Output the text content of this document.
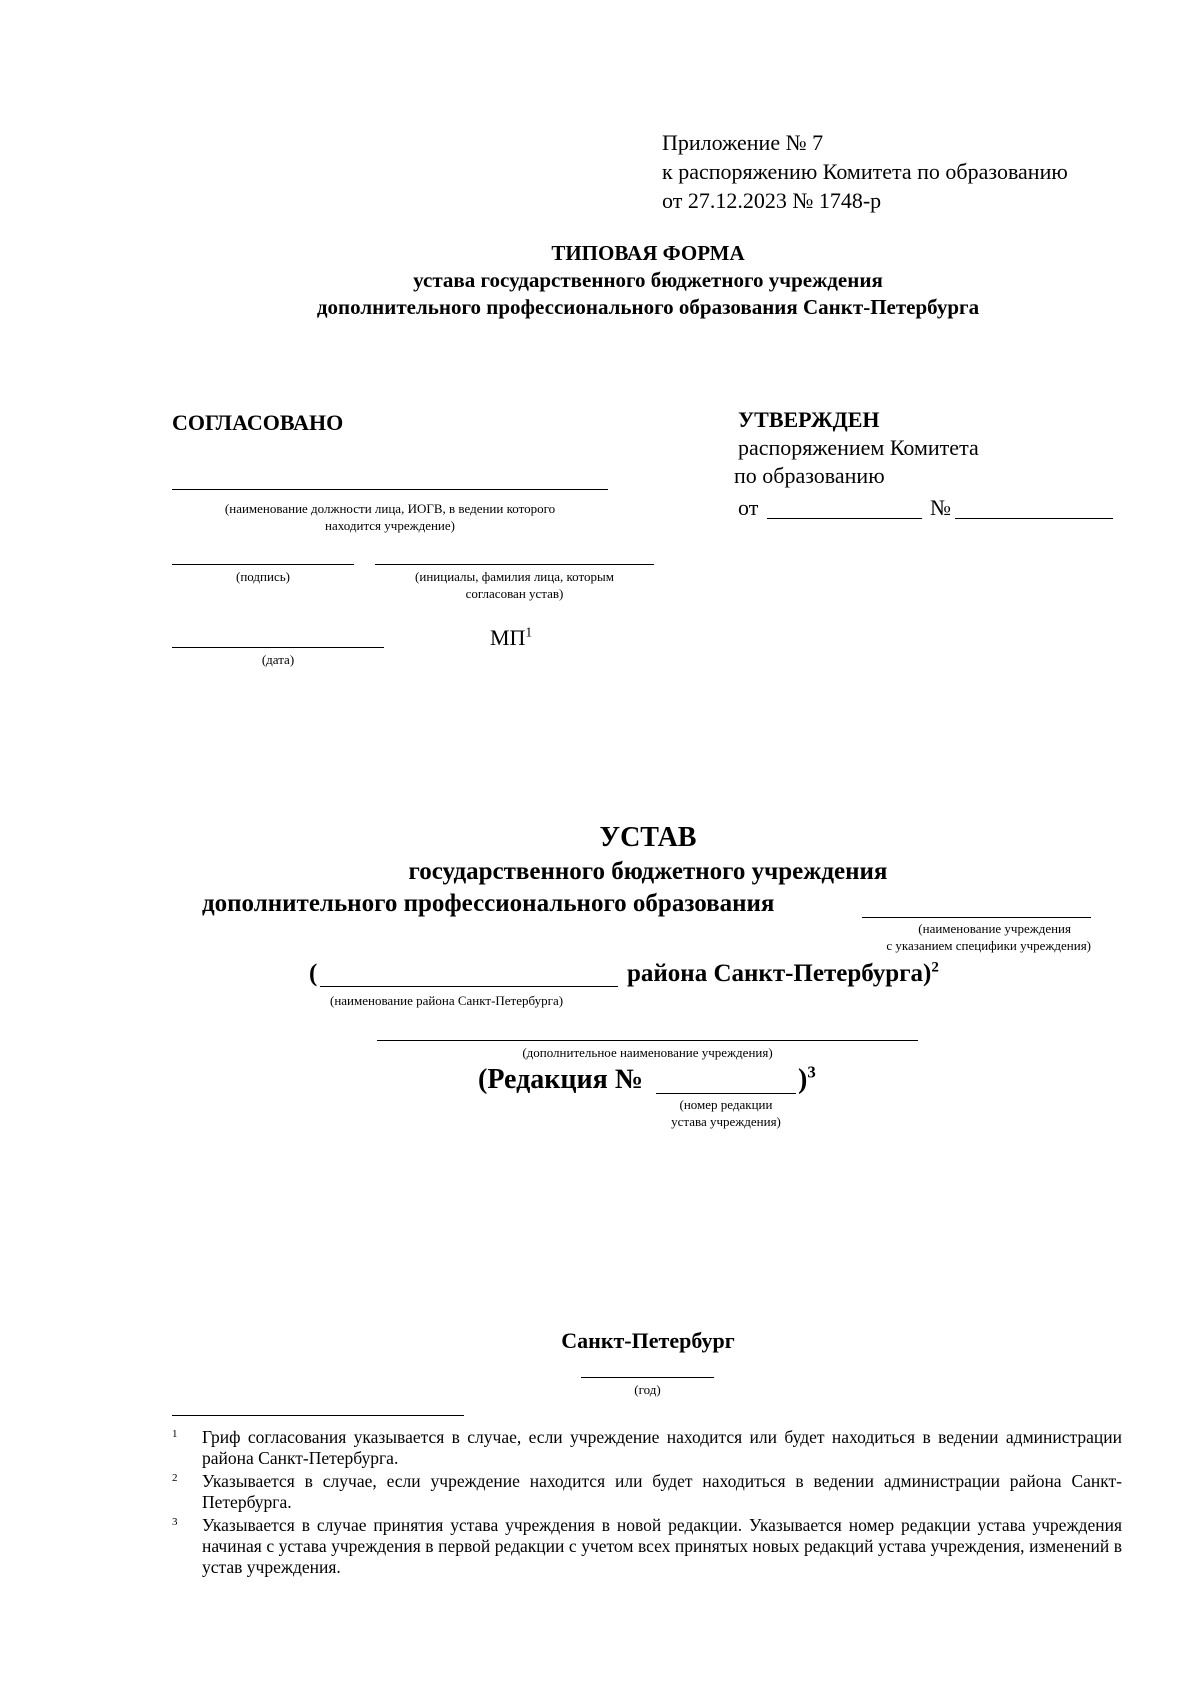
Приложение № 7
к распоряжению Комитета по образованию
от 27.12.2023 № 1748-р
ТИПОВАЯ ФОРМА
устава государственного бюджетного учреждения
дополнительного профессионального образования Санкт-Петербурга
СОГЛАСОВАНО
(наименование должности лица, ИОГВ, в ведении которого
находится учреждение)
(подпись)	(инициалы, фамилия лица, которым
согласован устав)
(дата)
$МП^1$
УТВЕРЖДЕН
распоряжением Комитета
по образованию
от	№
УСТАВ
государственного бюджетного учреждения
дополнительного профессионального образования
(наименование учреждения
с указанием специфики учреждения)
(	района Санкт-Петербурга)$^2$
(наименование района Санкт-Петербурга)
(дополнительное наименование учреждения)
(Редакция №	)$^3$
(номер редакции
устава учреждения)
Санкт-Петербург
(год)
1 Гриф согласования указывается в случае, если учреждение находится или будет находиться в ведении администрации района Санкт-Петербурга.
2 Указывается в случае, если учреждение находится или будет находиться в ведении администрации района Санкт-Петербурга.
3 Указывается в случае принятия устава учреждения в новой редакции. Указывается номер редакции устава учреждения начиная с устава учреждения в первой редакции с учетом всех принятых новых редакций устава учреждения, изменений в устав учреждения.
